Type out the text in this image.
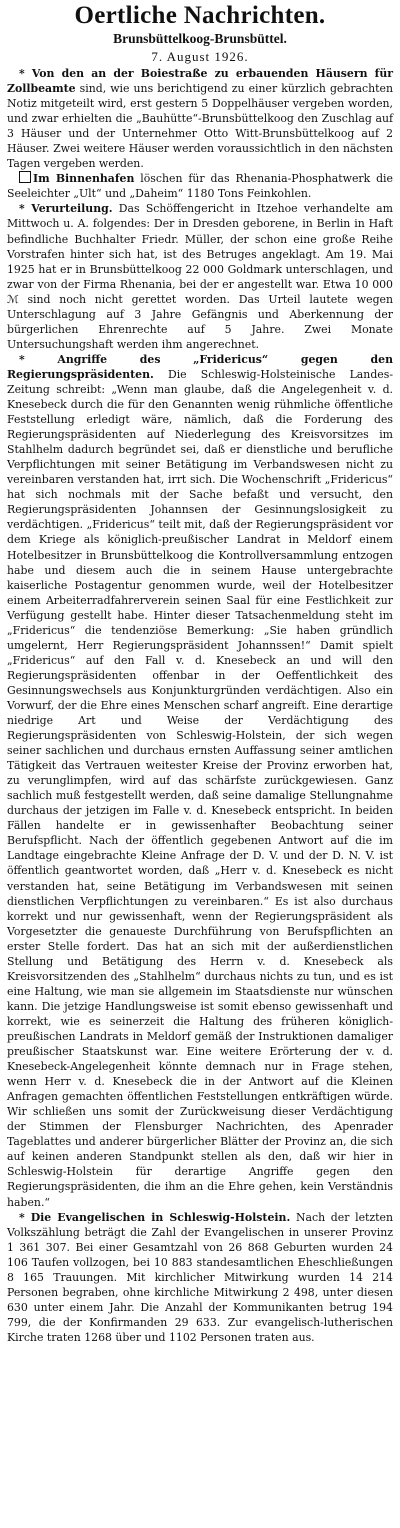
Oertliche Nachrichten.
Brunsbüttelkoog-Brunsbüttel.
7. August 1926.

* Von den an der Boiestraße zu erbauenden Häusern für Zollbeamte sind, wie uns berichtigend zu einer kürzlich gebrachten Notiz mitgeteilt wird, erst gestern 5 Doppelhäuser vergeben worden, und zwar erhielten die „Bauhütte“-Brunsbüttelkoog den Zuschlag auf 3 Häuser und der Unternehmer Otto Witt-Brunsbüttelkoog auf 2 Häuser. Zwei weitere Häuser werden voraussichtlich in den nächsten Tagen vergeben werden.

Im Binnenhafen löschen für das Rhenania-Phosphatwerk die Seeleichter „Ult“ und „Daheim“ 1180 Tons Feinkohlen.

* Verurteilung. Das Schöffengericht in Itzehoe verhandelte am Mittwoch u. A. folgendes: Der in Dresden geborene, in Berlin in Haft befindliche Buchhalter Friedr. Müller, der schon eine große Reihe Vorstrafen hinter sich hat, ist des Betruges angeklagt. Am 19. Mai 1925 hat er in Brunsbüttelkoog 22 000 Goldmark unterschlagen, und zwar von der Firma Rhenania, bei der er angestellt war. Etwa 10 000 ℳ sind noch nicht gerettet worden. Das Urteil lautete wegen Unterschlagung auf 3 Jahre Gefängnis und Aberkennung der bürgerlichen Ehrenrechte auf 5 Jahre. Zwei Monate Untersuchungshaft werden ihm angerechnet.

* Angriffe des „Fridericus“ gegen den Regierungspräsidenten. Die Schleswig-Holsteinische Landes-Zeitung schreibt: „Wenn man glaube, daß die Angelegenheit v. d. Knesebeck durch die für den Genannten wenig rühmliche öffentliche Feststellung erledigt wäre, nämlich, daß die Forderung des Regierungspräsidenten auf Niederlegung des Kreisvorsitzes im Stahlhelm dadurch begründet sei, daß er dienstliche und berufliche Verpflichtungen mit seiner Betätigung im Verbandswesen nicht zu vereinbaren verstanden hat, irrt sich. Die Wochenschrift „Fridericus“ hat sich nochmals mit der Sache befaßt und versucht, den Regierungspräsidenten Johannsen der Gesinnungslosigkeit zu verdächtigen. „Fridericus“ teilt mit, daß der Regierungspräsident vor dem Kriege als königlich-preußischer Landrat in Meldorf einem Hotelbesitzer in Brunsbüttelkoog die Kontrollversammlung entzogen habe und diesem auch die in seinem Hause untergebrachte kaiserliche Postagentur genommen wurde, weil der Hotelbesitzer einem Arbeiterradfahrerverein seinen Saal für eine Festlichkeit zur Verfügung gestellt habe. Hinter dieser Tatsachenmeldung steht im „Fridericus“ die tendenziöse Bemerkung: „Sie haben gründlich umgelernt, Herr Regierungspräsident Johannssen!“ Damit spielt „Fridericus“ auf den Fall v. d. Knesebeck an und will den Regierungspräsidenten offenbar in der Oeffentlichkeit des Gesinnungswechsels aus Konjunkturgründen verdächtigen. Also ein Vorwurf, der die Ehre eines Menschen scharf angreift. Eine derartige niedrige Art und Weise der Verdächtigung des Regierungspräsidenten von Schleswig-Holstein, der sich wegen seiner sachlichen und durchaus ernsten Auffassung seiner amtlichen Tätigkeit das Vertrauen weitester Kreise der Provinz erworben hat, zu verunglimpfen, wird auf das schärfste zurückgewiesen. Ganz sachlich muß festgestellt werden, daß seine damalige Stellungnahme durchaus der jetzigen im Falle v. d. Knesebeck entspricht. In beiden Fällen handelte er in gewissenhafter Beobachtung seiner Berufspflicht. Nach der öffentlich gegebenen Antwort auf die im Landtage eingebrachte Kleine Anfrage der D. V. und der D. N. V. ist öffentlich geantwortet worden, daß „Herr v. d. Knesebeck es nicht verstanden hat, seine Betätigung im Verbandswesen mit seinen dienstlichen Verpflichtungen zu vereinbaren.“ Es ist also durchaus korrekt und nur gewissenhaft, wenn der Regierungspräsident als Vorgesetzter die genaueste Durchführung von Berufspflichten an erster Stelle fordert. Das hat an sich mit der außerdienstlichen Stellung und Betätigung des Herrn v. d. Knesebeck als Kreisvorsitzenden des „Stahlhelm“ durchaus nichts zu tun, und es ist eine Haltung, wie man sie allgemein im Staatsdienste nur wünschen kann. Die jetzige Handlungsweise ist somit ebenso gewissenhaft und korrekt, wie es seinerzeit die Haltung des früheren königlich-preußischen Landrats in Meldorf gemäß der Instruktionen damaliger preußischer Staatskunst war. Eine weitere Erörterung der v. d. Knesebeck-Angelegenheit könnte demnach nur in Frage stehen, wenn Herr v. d. Knesebeck die in der Antwort auf die Kleinen Anfragen gemachten öffentlichen Feststellungen entkräftigen würde. Wir schließen uns somit der Zurückweisung dieser Verdächtigung der Stimmen der Flensburger Nachrichten, des Apenrader Tageblattes und anderer bürgerlicher Blätter der Provinz an, die sich auf keinen anderen Standpunkt stellen als den, daß wir hier in Schleswig-Holstein für derartige Angriffe gegen den Regierungspräsidenten, die ihm an die Ehre gehen, kein Verständnis haben.“

* Die Evangelischen in Schleswig-Holstein. Nach der letzten Volkszählung beträgt die Zahl der Evangelischen in unserer Provinz 1 361 307. Bei einer Gesamtzahl von 26 868 Geburten wurden 24 106 Taufen vollzogen, bei 10 883 standesamtlichen Eheschließungen 8 165 Trauungen. Mit kirchlicher Mitwirkung wurden 14 214 Personen begraben, ohne kirchliche Mitwirkung 2 498, unter diesen 630 unter einem Jahr. Die Anzahl der Kommunikanten betrug 194 799, die der Konfirmanden 29 633. Zur evangelisch-lutherischen Kirche traten 1268 über und 1102 Personen traten aus.
